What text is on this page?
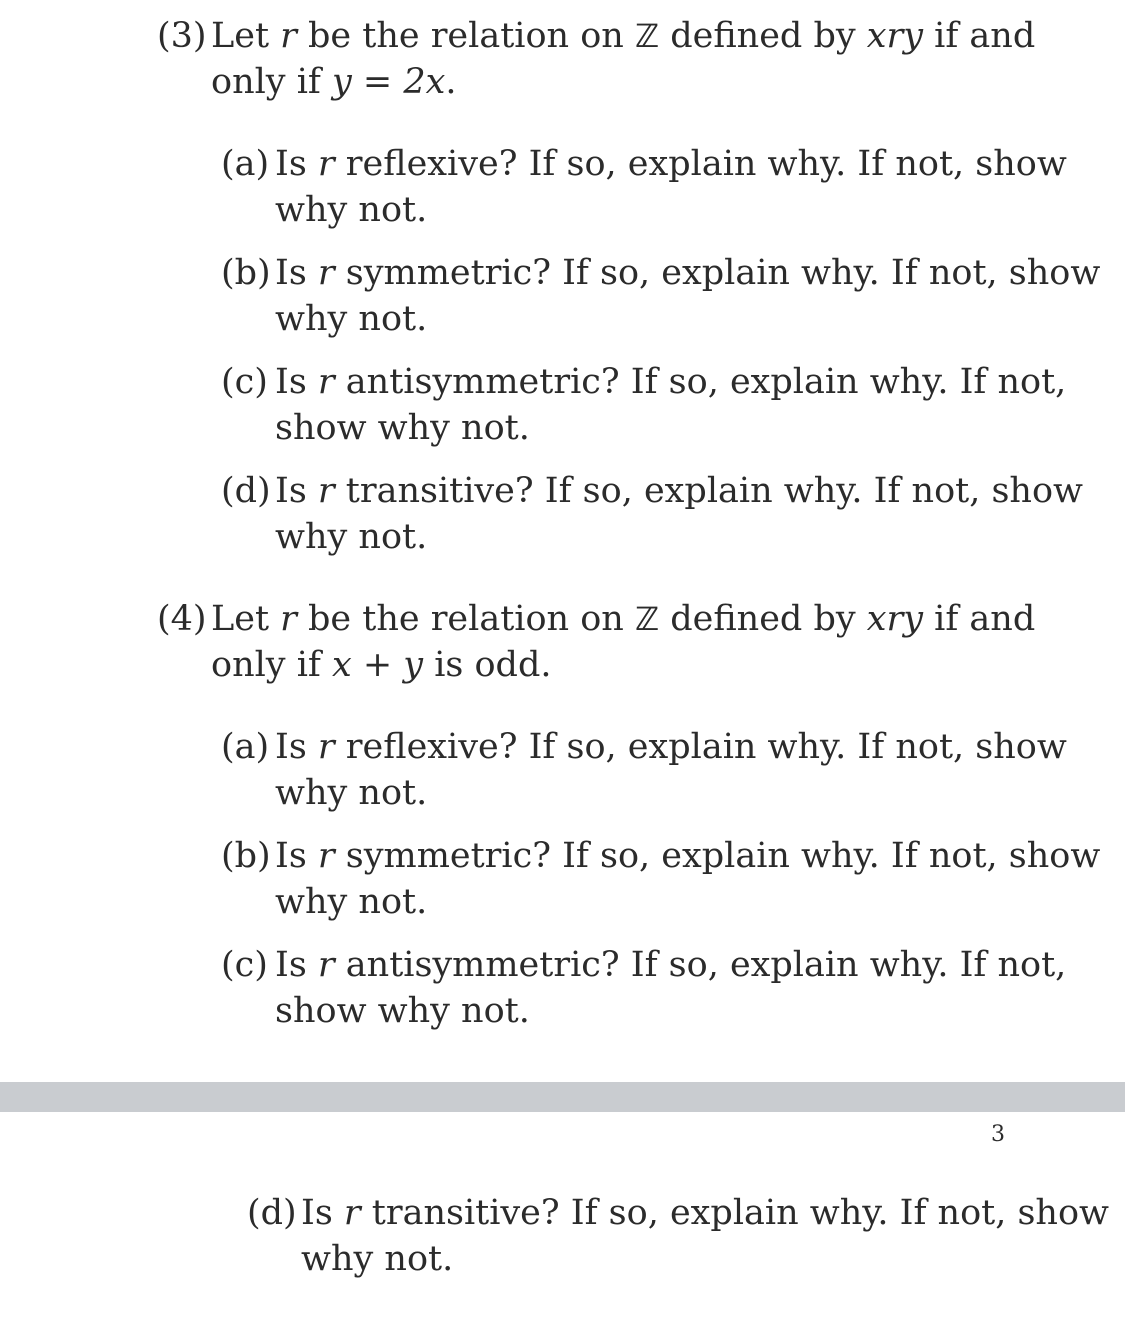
(3) Let r be the relation on ℤ defined by xry if and
only if y = 2x.
(a) Is r reflexive? If so, explain why. If not, show
why not.
(b) Is r symmetric? If so, explain why. If not, show
why not.
(c) Is r antisymmetric? If so, explain why. If not,
show why not.
(d) Is r transitive? If so, explain why. If not, show
why not.
(4) Let r be the relation on ℤ defined by xry if and
only if x + y is odd.
(a) Is r reflexive? If so, explain why. If not, show
why not.
(b) Is r symmetric? If so, explain why. If not, show
why not.
(c) Is r antisymmetric? If so, explain why. If not,
show why not.
3
(d) Is r transitive? If so, explain why. If not, show
why not.
